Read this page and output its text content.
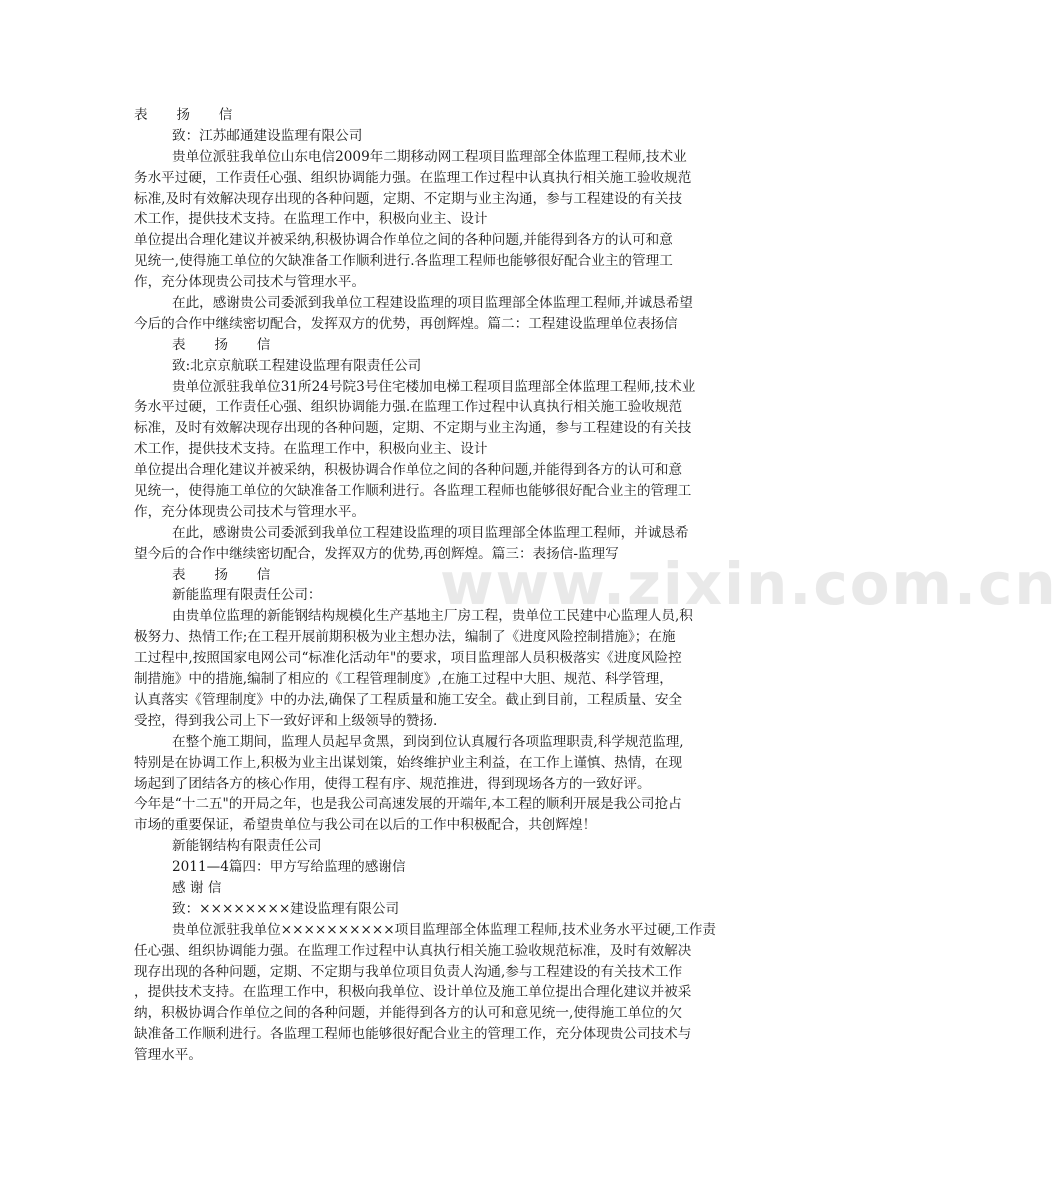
www.zixin.com.cn
表 扬 信
致：江苏邮通建设监理有限公司
贵单位派驻我单位山东电信2009年二期移动网工程项目监理部全体监理工程师,技术业
务水平过硬，工作责任心强、组织协调能力强。在监理工作过程中认真执行相关施工验收规范
标准,及时有效解决现存出现的各种问题，定期、不定期与业主沟通，参与工程建设的有关技
术工作，提供技术支持。在监理工作中，积极向业主、设计
单位提出合理化建议并被采纳,积极协调合作单位之间的各种问题,并能得到各方的认可和意
见统一,使得施工单位的欠缺准备工作顺利进行.各监理工程师也能够很好配合业主的管理工
作，充分体现贵公司技术与管理水平。
在此，感谢贵公司委派到我单位工程建设监理的项目监理部全体监理工程师,并诚恳希望
今后的合作中继续密切配合，发挥双方的优势，再创辉煌。篇二：工程建设监理单位表扬信
表 扬 信
致:北京京航联工程建设监理有限责任公司
贵单位派驻我单位31所24号院3号住宅楼加电梯工程项目监理部全体监理工程师,技术业
务水平过硬，工作责任心强、组织协调能力强.在监理工作过程中认真执行相关施工验收规范
标准，及时有效解决现存出现的各种问题，定期、不定期与业主沟通，参与工程建设的有关技
术工作，提供技术支持。在监理工作中，积极向业主、设计
单位提出合理化建议并被采纳，积极协调合作单位之间的各种问题,并能得到各方的认可和意
见统一，使得施工单位的欠缺准备工作顺利进行。各监理工程师也能够很好配合业主的管理工
作，充分体现贵公司技术与管理水平。
在此，感谢贵公司委派到我单位工程建设监理的项目监理部全体监理工程师，并诚恳希
望今后的合作中继续密切配合，发挥双方的优势,再创辉煌。篇三：表扬信-监理写
表 扬 信
新能监理有限责任公司：
由贵单位监理的新能钢结构规模化生产基地主厂房工程，贵单位工民建中心监理人员,积
极努力、热情工作;在工程开展前期积极为业主想办法，编制了《进度风险控制措施》；在施
工过程中,按照国家电网公司“标准化活动年"的要求，项目监理部人员积极落实《进度风险控
制措施》中的措施,编制了相应的《工程管理制度》,在施工过程中大胆、规范、科学管理，
认真落实《管理制度》中的办法,确保了工程质量和施工安全。截止到目前，工程质量、安全
受控，得到我公司上下一致好评和上级领导的赞扬.
在整个施工期间，监理人员起早贪黑，到岗到位认真履行各项监理职责,科学规范监理,
特别是在协调工作上,积极为业主出谋划策，始终维护业主利益，在工作上谨慎、热情，在现
场起到了团结各方的核心作用，使得工程有序、规范推进，得到现场各方的一致好评。
今年是“十二五"的开局之年，也是我公司高速发展的开端年,本工程的顺利开展是我公司抢占
市场的重要保证，希望贵单位与我公司在以后的工作中积极配合，共创辉煌！
新能钢结构有限责任公司
2011—4篇四：甲方写给监理的感谢信
感 谢 信
致：××××××××建设监理有限公司
贵单位派驻我单位××××××××××项目监理部全体监理工程师,技术业务水平过硬,工作责
任心强、组织协调能力强。在监理工作过程中认真执行相关施工验收规范标准，及时有效解决
现存出现的各种问题，定期、不定期与我单位项目负责人沟通,参与工程建设的有关技术工作
，提供技术支持。在监理工作中，积极向我单位、设计单位及施工单位提出合理化建议并被采
纳，积极协调合作单位之间的各种问题，并能得到各方的认可和意见统一,使得施工单位的欠
缺准备工作顺利进行。各监理工程师也能够很好配合业主的管理工作，充分体现贵公司技术与
管理水平。
